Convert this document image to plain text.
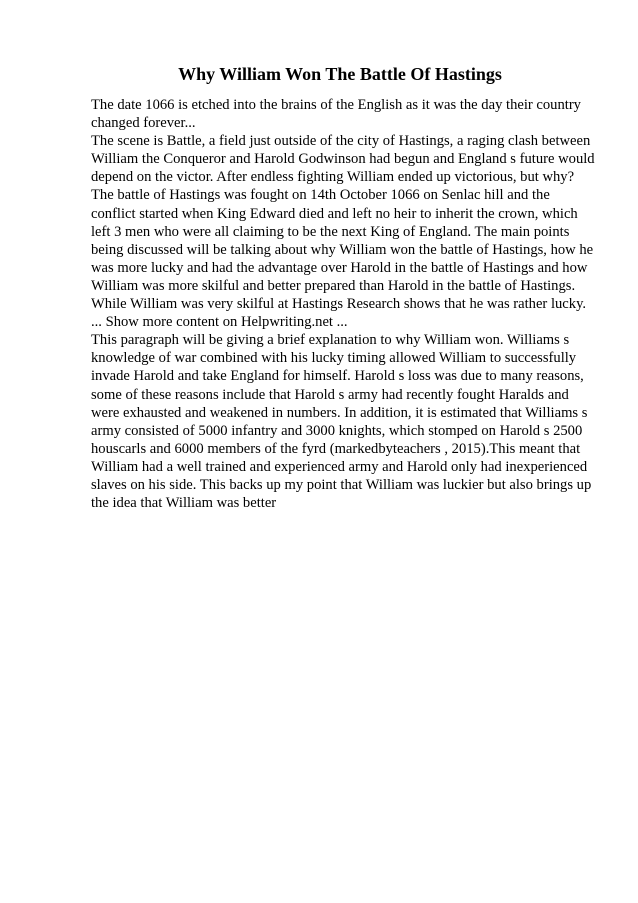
Why William Won The Battle Of Hastings

The date 1066 is etched into the brains of the English as it was the day their country changed forever...

The scene is Battle, a field just outside of the city of Hastings, a raging clash between William the Conqueror and Harold Godwinson had begun and England s future would depend on the victor. After endless fighting William ended up victorious, but why? The battle of Hastings was fought on 14th October 1066 on Senlac hill and the conflict started when King Edward died and left no heir to inherit the crown, which left 3 men who were all claiming to be the next King of England. The main points being discussed will be talking about why William won the battle of Hastings, how he was more lucky and had the advantage over Harold in the battle of Hastings and how William was more skilful and better prepared than Harold in the battle of Hastings. While William was very skilful at Hastings Research shows that he was rather lucky. ... Show more content on Helpwriting.net ...

This paragraph will be giving a brief explanation to why William won. Williams s knowledge of war combined with his lucky timing allowed William to successfully invade Harold and take England for himself. Harold s loss was due to many reasons, some of these reasons include that Harold s army had recently fought Haralds and were exhausted and weakened in numbers. In addition, it is estimated that Williams s army consisted of 5000 infantry and 3000 knights, which stomped on Harold s 2500 houscarls and 6000 members of the fyrd (markedbyteachers , 2015).This meant that William had a well trained and experienced army and Harold only had inexperienced slaves on his side. This backs up my point that William was luckier but also brings up the idea that William was better
